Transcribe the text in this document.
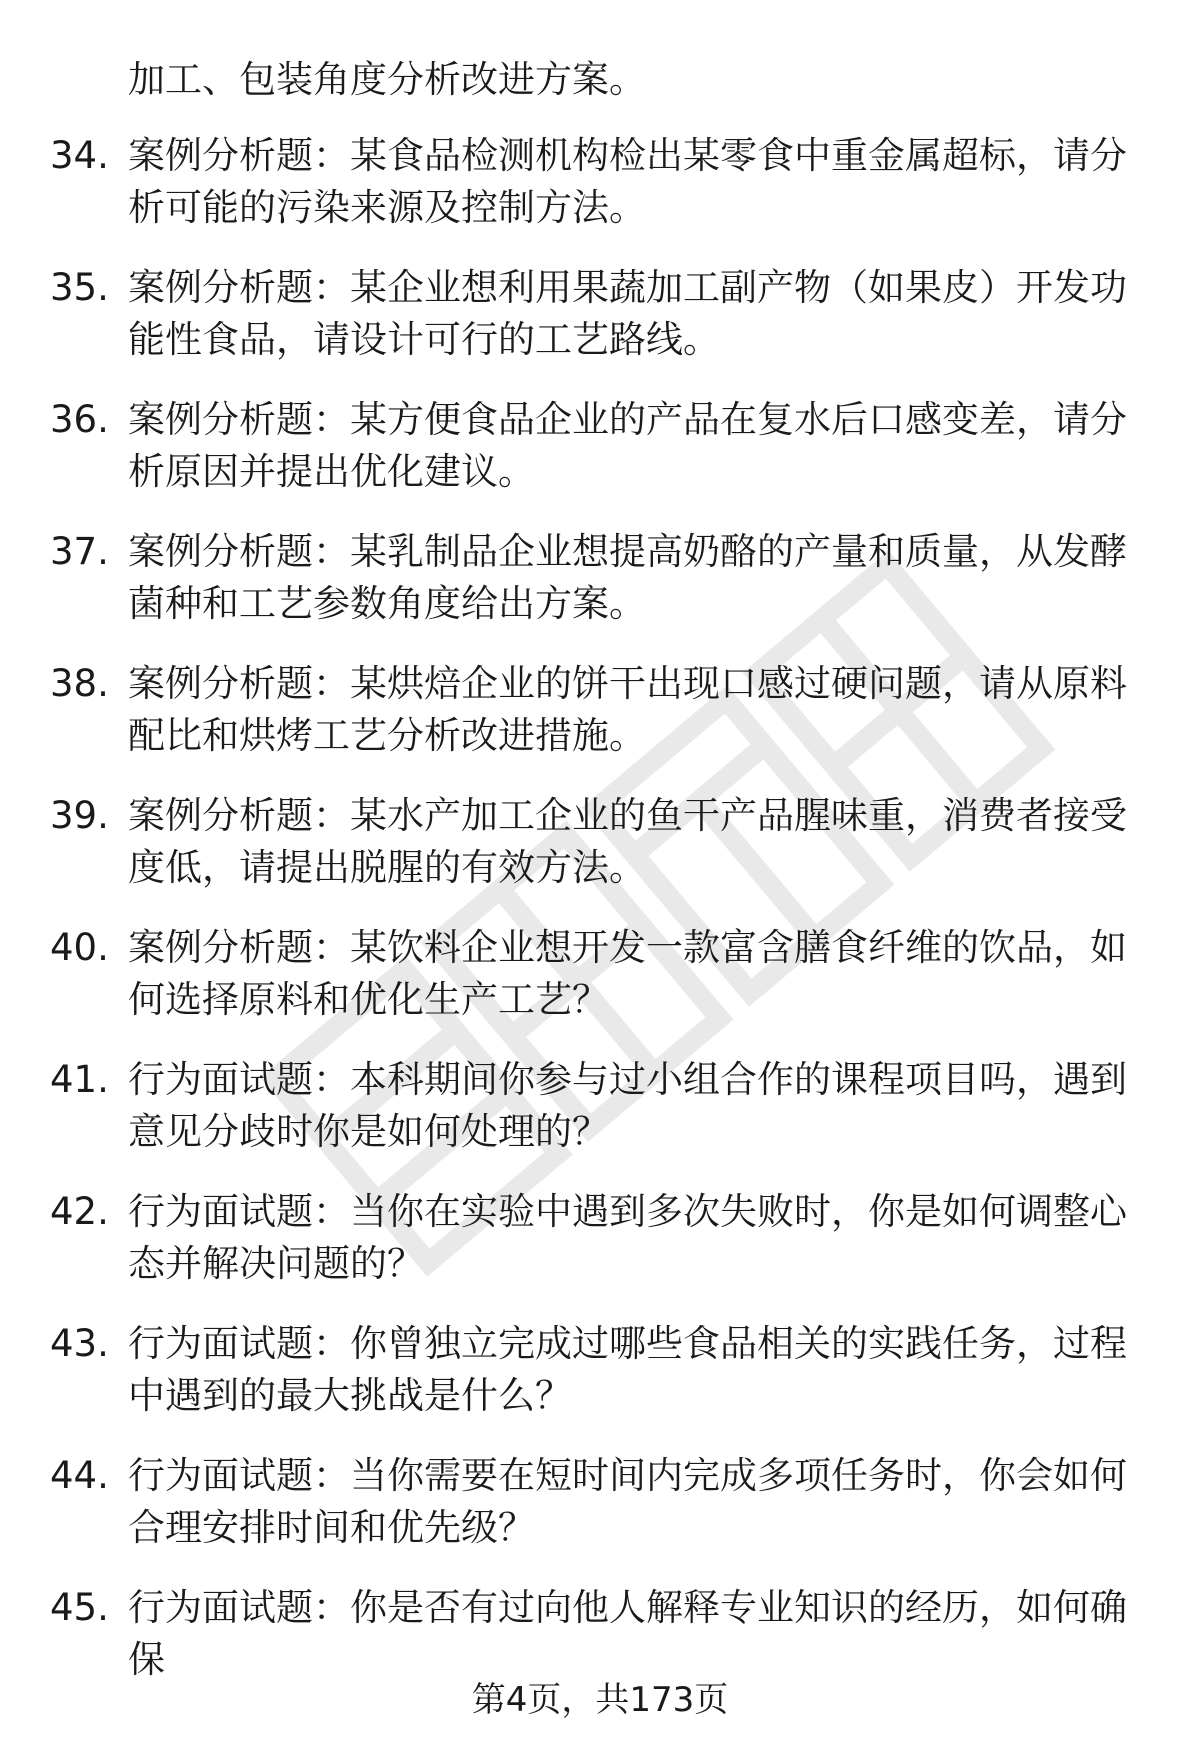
加工、包装角度分析改进方案。
34. 案例分析题：某食品检测机构检出某零食中重金属超标，请分析可能的污染来源及控制方法。
35. 案例分析题：某企业想利用果蔬加工副产物（如果皮）开发功能性食品，请设计可行的工艺路线。
36. 案例分析题：某方便食品企业的产品在复水后口感变差，请分析原因并提出优化建议。
37. 案例分析题：某乳制品企业想提高奶酪的产量和质量，从发酵菌种和工艺参数角度给出方案。
38. 案例分析题：某烘焙企业的饼干出现口感过硬问题，请从原料配比和烘烤工艺分析改进措施。
39. 案例分析题：某水产加工企业的鱼干产品腥味重，消费者接受度低，请提出脱腥的有效方法。
40. 案例分析题：某饮料企业想开发一款富含膳食纤维的饮品，如何选择原料和优化生产工艺？
41. 行为面试题：本科期间你参与过小组合作的课程项目吗，遇到意见分歧时你是如何处理的？
42. 行为面试题：当你在实验中遇到多次失败时，你是如何调整心态并解决问题的？
43. 行为面试题：你曾独立完成过哪些食品相关的实践任务，过程中遇到的最大挑战是什么？
44. 行为面试题：当你需要在短时间内完成多项任务时，你会如何合理安排时间和优先级？
45. 行为面试题：你是否有过向他人解释专业知识的经历，如何确保
第4页，共173页
